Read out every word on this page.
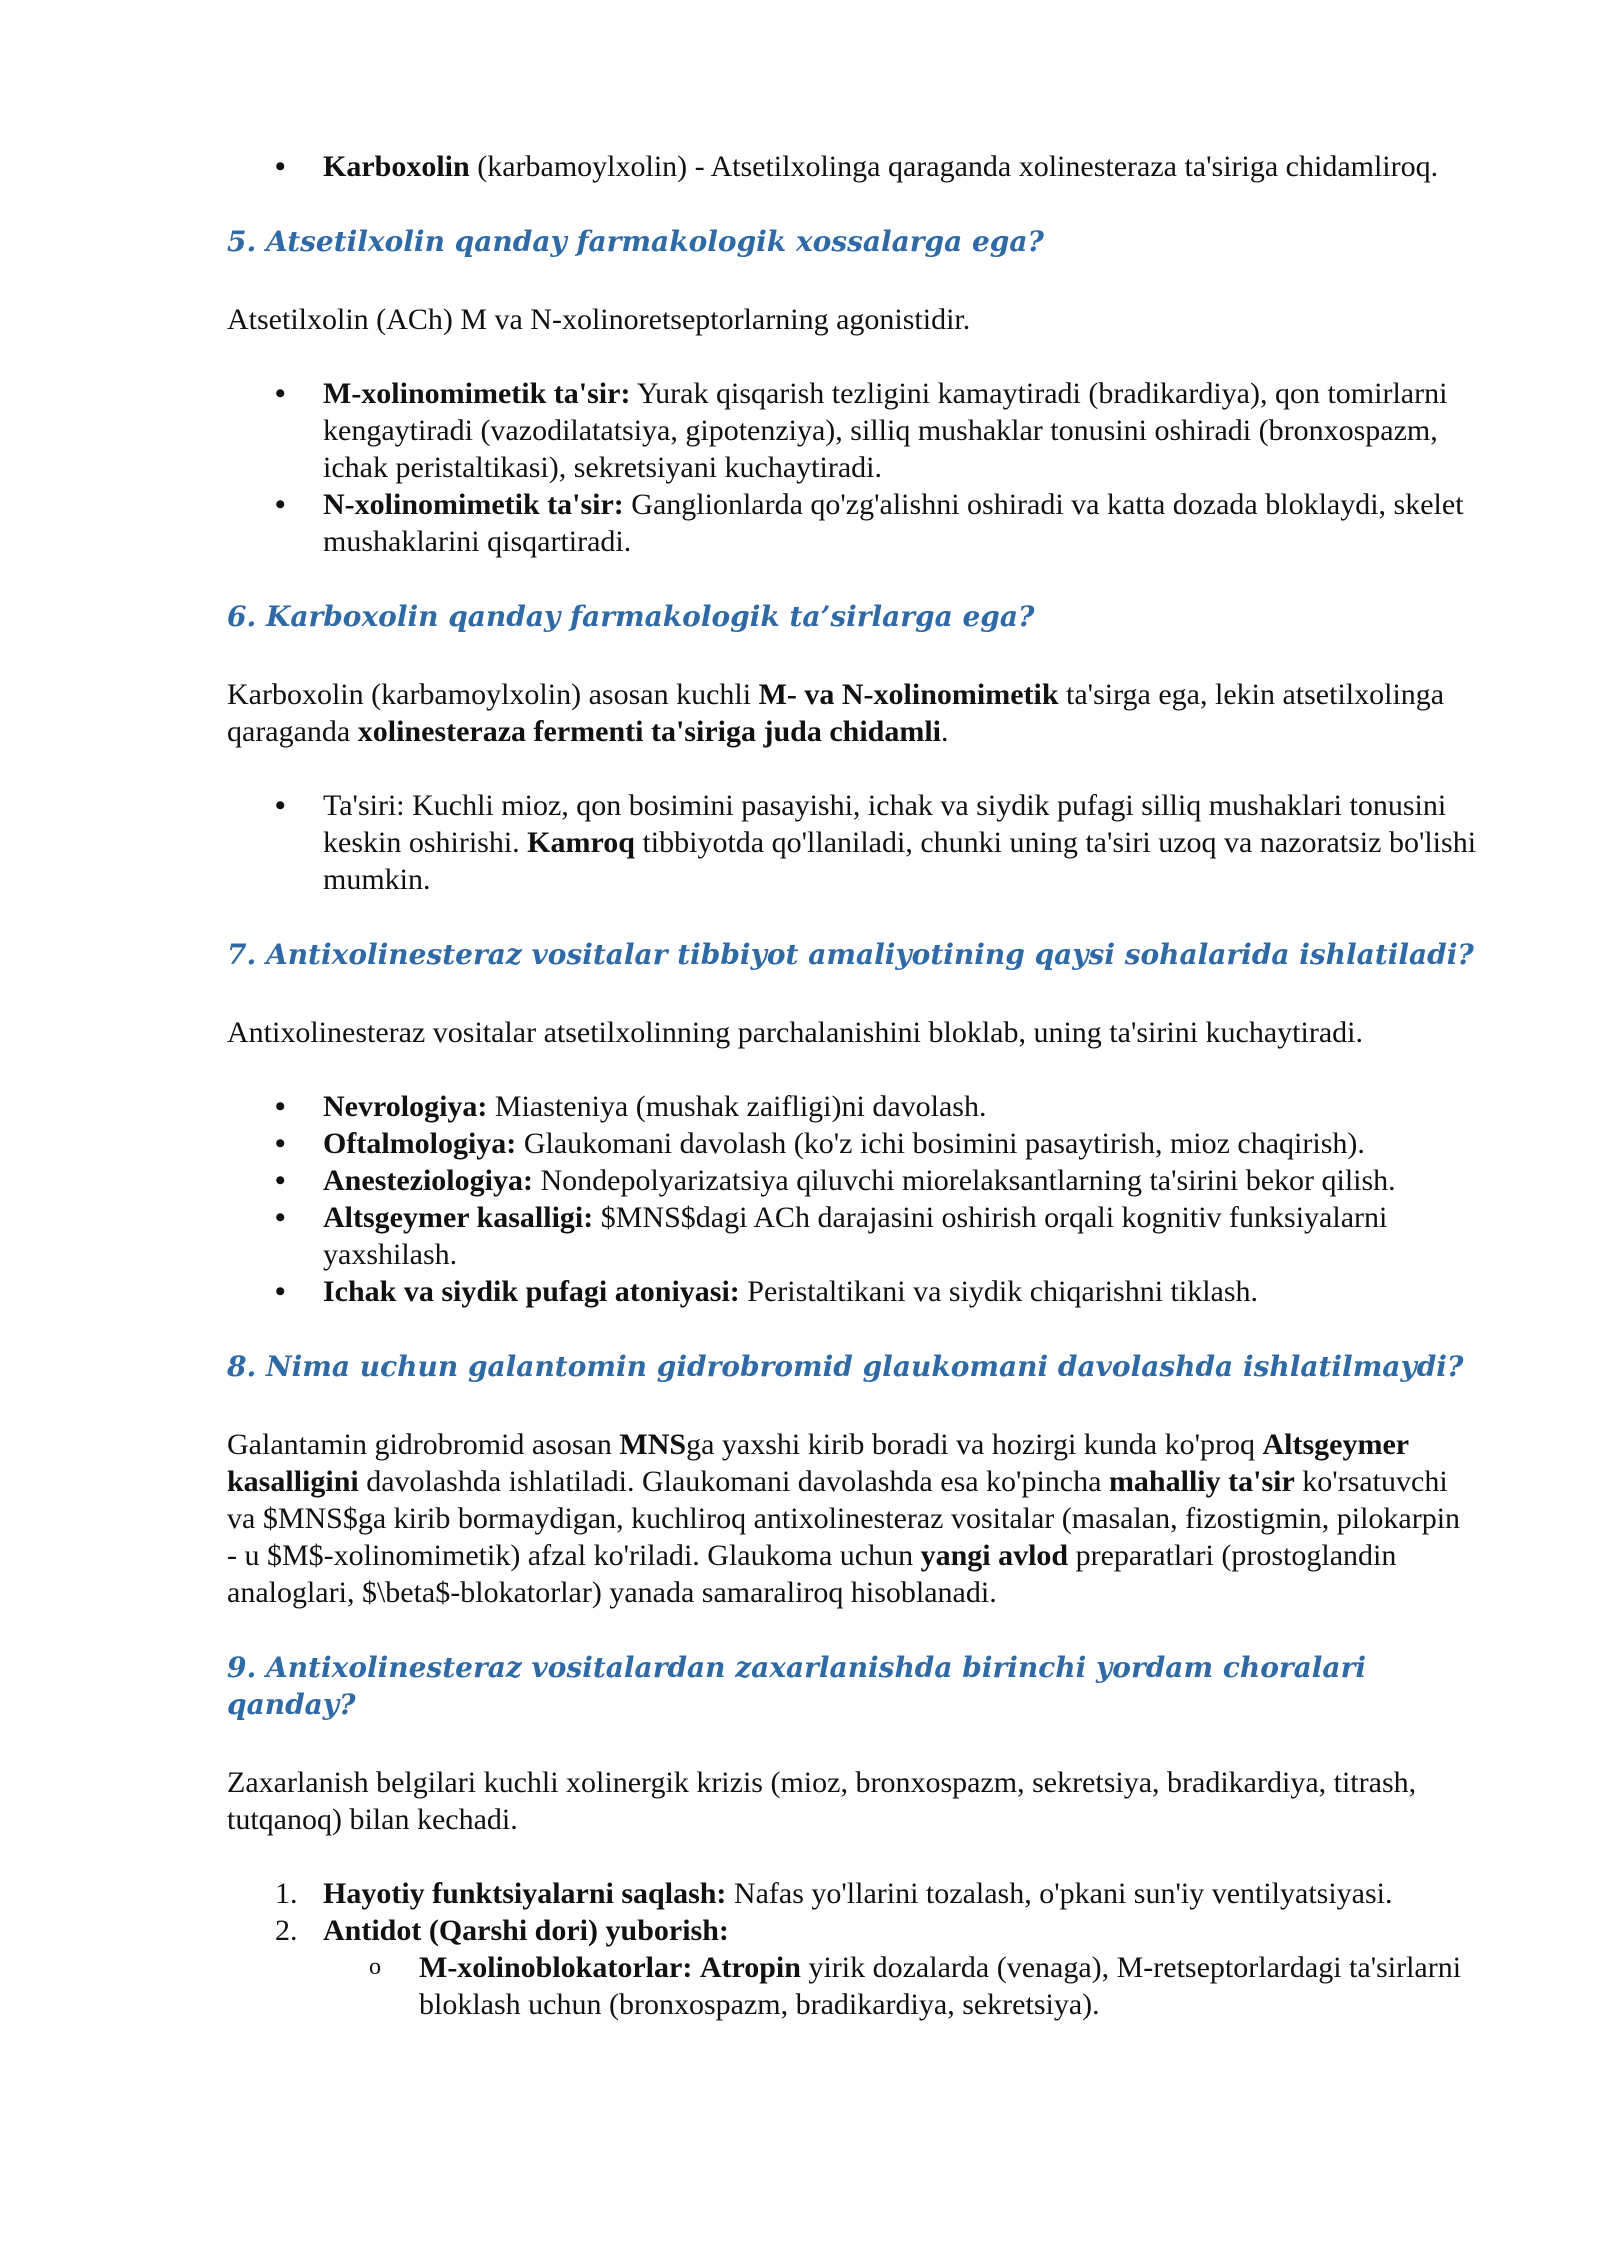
• Karboxolin (karbamoylxolin) - Atsetilxolinga qaraganda xolinesteraza ta'siriga chidamliroq.
5. Atsetilxolin qanday farmakologik xossalarga ega?

Atsetilxolin (ACh) M va N-xolinoretseptorlarning agonistidir.

• M-xolinomimetik ta'sir: Yurak qisqarish tezligini kamaytiradi (bradikardiya), qon tomirlarni kengaytiradi (vazodilatatsiya, gipotenziya), silliq mushaklar tonusini oshiradi (bronxospazm, ichak peristaltikasi), sekretsiyani kuchaytiradi.
• N-xolinomimetik ta'sir: Ganglionlarda qo'zg'alishni oshiradi va katta dozada bloklaydi, skelet mushaklarini qisqartiradi.
6. Karboxolin qanday farmakologik ta’sirlarga ega?

Karboxolin (karbamoylxolin) asosan kuchli M- va N-xolinomimetik ta'sirga ega, lekin atsetilxolinga qaraganda xolinesteraza fermenti ta'siriga juda chidamli.

• Ta'siri: Kuchli mioz, qon bosimini pasayishi, ichak va siydik pufagi silliq mushaklari tonusini keskin oshirishi. Kamroq tibbiyotda qo'llaniladi, chunki uning ta'siri uzoq va nazoratsiz bo'lishi mumkin.
7. Antixolinesteraz vositalar tibbiyot amaliyotining qaysi sohalarida ishlatiladi?

Antixolinesteraz vositalar atsetilxolinning parchalanishini bloklab, uning ta'sirini kuchaytiradi.

• Nevrologiya: Miasteniya (mushak zaifligi)ni davolash.
• Oftalmologiya: Glaukomani davolash (ko'z ichi bosimini pasaytirish, mioz chaqirish).
• Anesteziologiya: Nondepolyarizatsiya qiluvchi miorelaksantlarning ta'sirini bekor qilish.
• Altsgeymer kasalligi: $MNS$dagi ACh darajasini oshirish orqali kognitiv funksiyalarni yaxshilash.
• Ichak va siydik pufagi atoniyasi: Peristaltikani va siydik chiqarishni tiklash.
8. Nima uchun galantomin gidrobromid glaukomani davolashda ishlatilmaydi?

Galantamin gidrobromid asosan MNSga yaxshi kirib boradi va hozirgi kunda ko'proq Altsgeymer kasalligini davolashda ishlatiladi. Glaukomani davolashda esa ko'pincha mahalliy ta'sir ko'rsatuvchi va $MNS$ga kirib bormaydigan, kuchliroq antixolinesteraz vositalar (masalan, fizostigmin, pilokarpin - u $M$-xolinomimetik) afzal ko'riladi. Glaukoma uchun yangi avlod preparatlari (prostoglandin analoglari, $\beta$-blokatorlar) yanada samaraliroq hisoblanadi.

9. Antixolinesteraz vositalardan zaxarlanishda birinchi yordam choralari qanday?

Zaxarlanish belgilari kuchli xolinergik krizis (mioz, bronxospazm, sekretsiya, bradikardiya, titrash, tutqanoq) bilan kechadi.

1. Hayotiy funktsiyalarni saqlash: Nafas yo'llarini tozalash, o'pkani sun'iy ventilyatsiyasi.
2. Antidot (Qarshi dori) yuborish:
o M-xolinoblokatorlar: Atropin yirik dozalarda (venaga), M-retseptorlardagi ta'sirlarni bloklash uchun (bronxospazm, bradikardiya, sekretsiya).
